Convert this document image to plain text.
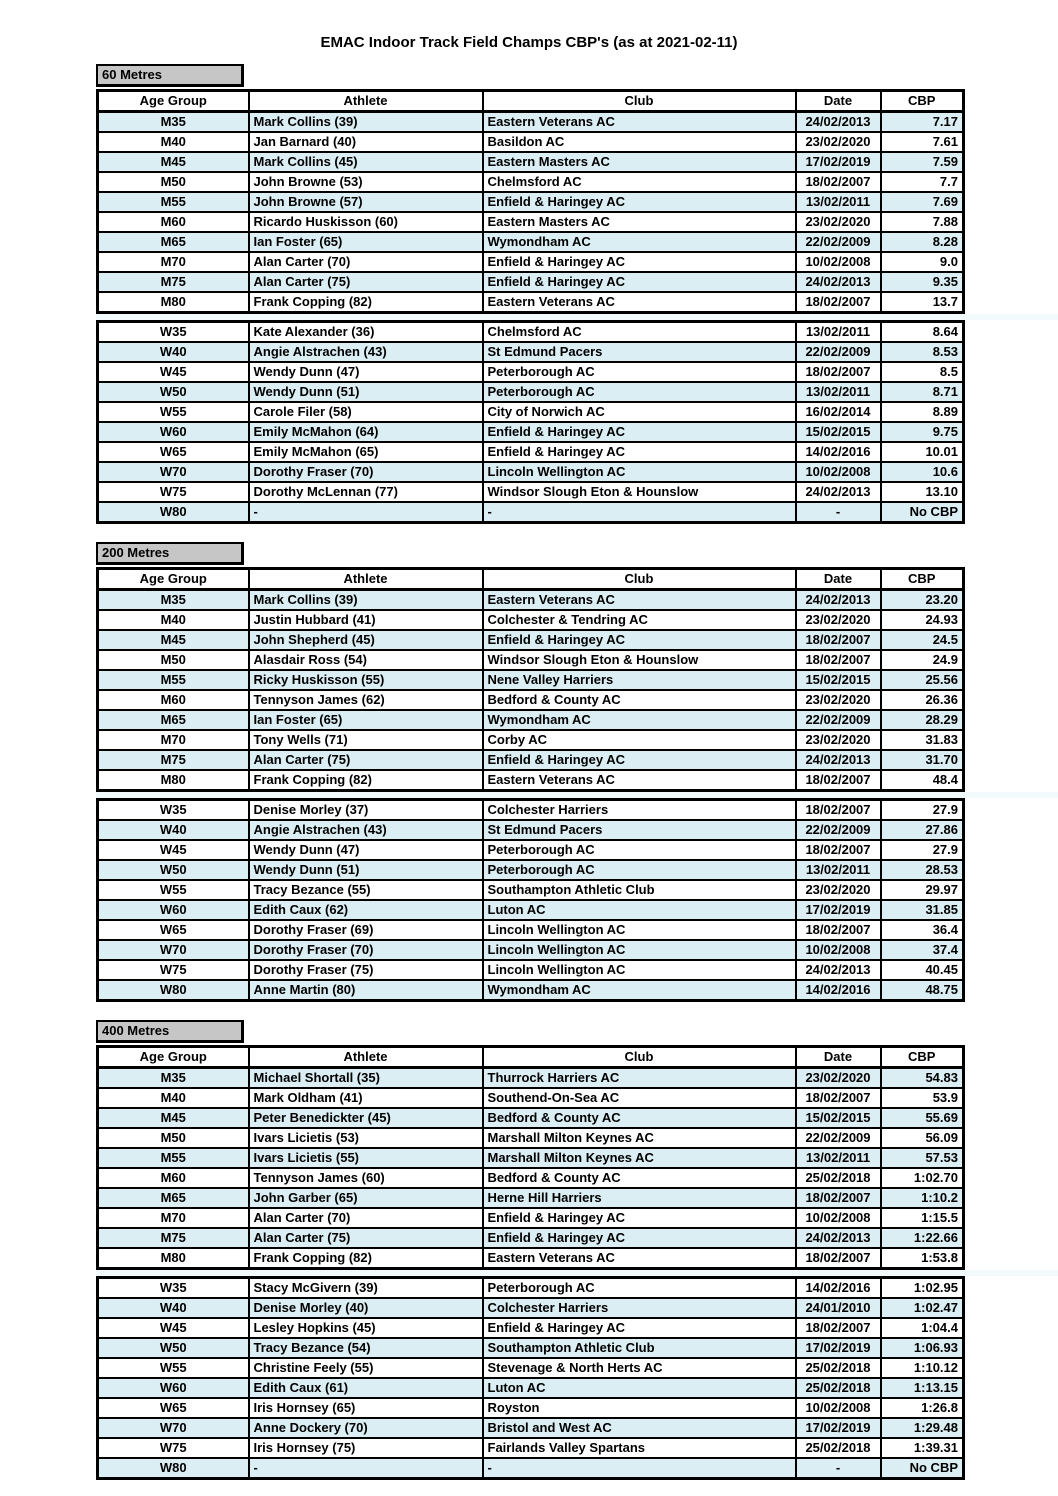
EMAC Indoor Track Field Champs CBP's (as at 2021-02-11)
60 Metres
Age Group	Athlete	Club	Date	CBP
M35	Mark Collins (39)	Eastern Veterans AC	24/02/2013	7.17
M40	Jan Barnard (40)	Basildon AC	23/02/2020	7.61
M45	Mark Collins (45)	Eastern Masters AC	17/02/2019	7.59
M50	John Browne (53)	Chelmsford AC	18/02/2007	7.7
M55	John Browne (57)	Enfield & Haringey AC	13/02/2011	7.69
M60	Ricardo Huskisson (60)	Eastern Masters AC	23/02/2020	7.88
M65	Ian Foster (65)	Wymondham AC	22/02/2009	8.28
M70	Alan Carter (70)	Enfield & Haringey AC	10/02/2008	9.0
M75	Alan Carter (75)	Enfield & Haringey AC	24/02/2013	9.35
M80	Frank Copping (82)	Eastern Veterans AC	18/02/2007	13.7
W35	Kate Alexander (36)	Chelmsford AC	13/02/2011	8.64
W40	Angie Alstrachen (43)	St Edmund Pacers	22/02/2009	8.53
W45	Wendy Dunn (47)	Peterborough AC	18/02/2007	8.5
W50	Wendy Dunn (51)	Peterborough AC	13/02/2011	8.71
W55	Carole Filer (58)	City of Norwich AC	16/02/2014	8.89
W60	Emily McMahon (64)	Enfield & Haringey AC	15/02/2015	9.75
W65	Emily McMahon (65)	Enfield & Haringey AC	14/02/2016	10.01
W70	Dorothy Fraser (70)	Lincoln Wellington AC	10/02/2008	10.6
W75	Dorothy McLennan (77)	Windsor Slough Eton & Hounslow	24/02/2013	13.10
W80	-	-	-	No CBP
200 Metres
Age Group	Athlete	Club	Date	CBP
M35	Mark Collins (39)	Eastern Veterans AC	24/02/2013	23.20
M40	Justin Hubbard (41)	Colchester & Tendring AC	23/02/2020	24.93
M45	John Shepherd (45)	Enfield & Haringey AC	18/02/2007	24.5
M50	Alasdair Ross (54)	Windsor Slough Eton & Hounslow	18/02/2007	24.9
M55	Ricky Huskisson (55)	Nene Valley Harriers	15/02/2015	25.56
M60	Tennyson James (62)	Bedford & County AC	23/02/2020	26.36
M65	Ian Foster (65)	Wymondham AC	22/02/2009	28.29
M70	Tony Wells (71)	Corby AC	23/02/2020	31.83
M75	Alan Carter (75)	Enfield & Haringey AC	24/02/2013	31.70
M80	Frank Copping (82)	Eastern Veterans AC	18/02/2007	48.4
W35	Denise Morley (37)	Colchester Harriers	18/02/2007	27.9
W40	Angie Alstrachen (43)	St Edmund Pacers	22/02/2009	27.86
W45	Wendy Dunn (47)	Peterborough AC	18/02/2007	27.9
W50	Wendy Dunn (51)	Peterborough AC	13/02/2011	28.53
W55	Tracy Bezance (55)	Southampton Athletic Club	23/02/2020	29.97
W60	Edith Caux (62)	Luton AC	17/02/2019	31.85
W65	Dorothy Fraser (69)	Lincoln Wellington AC	18/02/2007	36.4
W70	Dorothy Fraser (70)	Lincoln Wellington AC	10/02/2008	37.4
W75	Dorothy Fraser (75)	Lincoln Wellington AC	24/02/2013	40.45
W80	Anne Martin (80)	Wymondham AC	14/02/2016	48.75
400 Metres
Age Group	Athlete	Club	Date	CBP
M35	Michael Shortall (35)	Thurrock Harriers AC	23/02/2020	54.83
M40	Mark Oldham (41)	Southend-On-Sea AC	18/02/2007	53.9
M45	Peter Benedickter (45)	Bedford & County AC	15/02/2015	55.69
M50	Ivars Licietis (53)	Marshall Milton Keynes AC	22/02/2009	56.09
M55	Ivars Licietis (55)	Marshall Milton Keynes AC	13/02/2011	57.53
M60	Tennyson James (60)	Bedford & County AC	25/02/2018	1:02.70
M65	John Garber (65)	Herne Hill Harriers	18/02/2007	1:10.2
M70	Alan Carter (70)	Enfield & Haringey AC	10/02/2008	1:15.5
M75	Alan Carter (75)	Enfield & Haringey AC	24/02/2013	1:22.66
M80	Frank Copping (82)	Eastern Veterans AC	18/02/2007	1:53.8
W35	Stacy McGivern (39)	Peterborough AC	14/02/2016	1:02.95
W40	Denise Morley (40)	Colchester Harriers	24/01/2010	1:02.47
W45	Lesley Hopkins (45)	Enfield & Haringey AC	18/02/2007	1:04.4
W50	Tracy Bezance (54)	Southampton Athletic Club	17/02/2019	1:06.93
W55	Christine Feely (55)	Stevenage & North Herts AC	25/02/2018	1:10.12
W60	Edith Caux (61)	Luton AC	25/02/2018	1:13.15
W65	Iris Hornsey (65)	Royston	10/02/2008	1:26.8
W70	Anne Dockery (70)	Bristol and West AC	17/02/2019	1:29.48
W75	Iris Hornsey (75)	Fairlands Valley Spartans	25/02/2018	1:39.31
W80	-	-	-	No CBP
